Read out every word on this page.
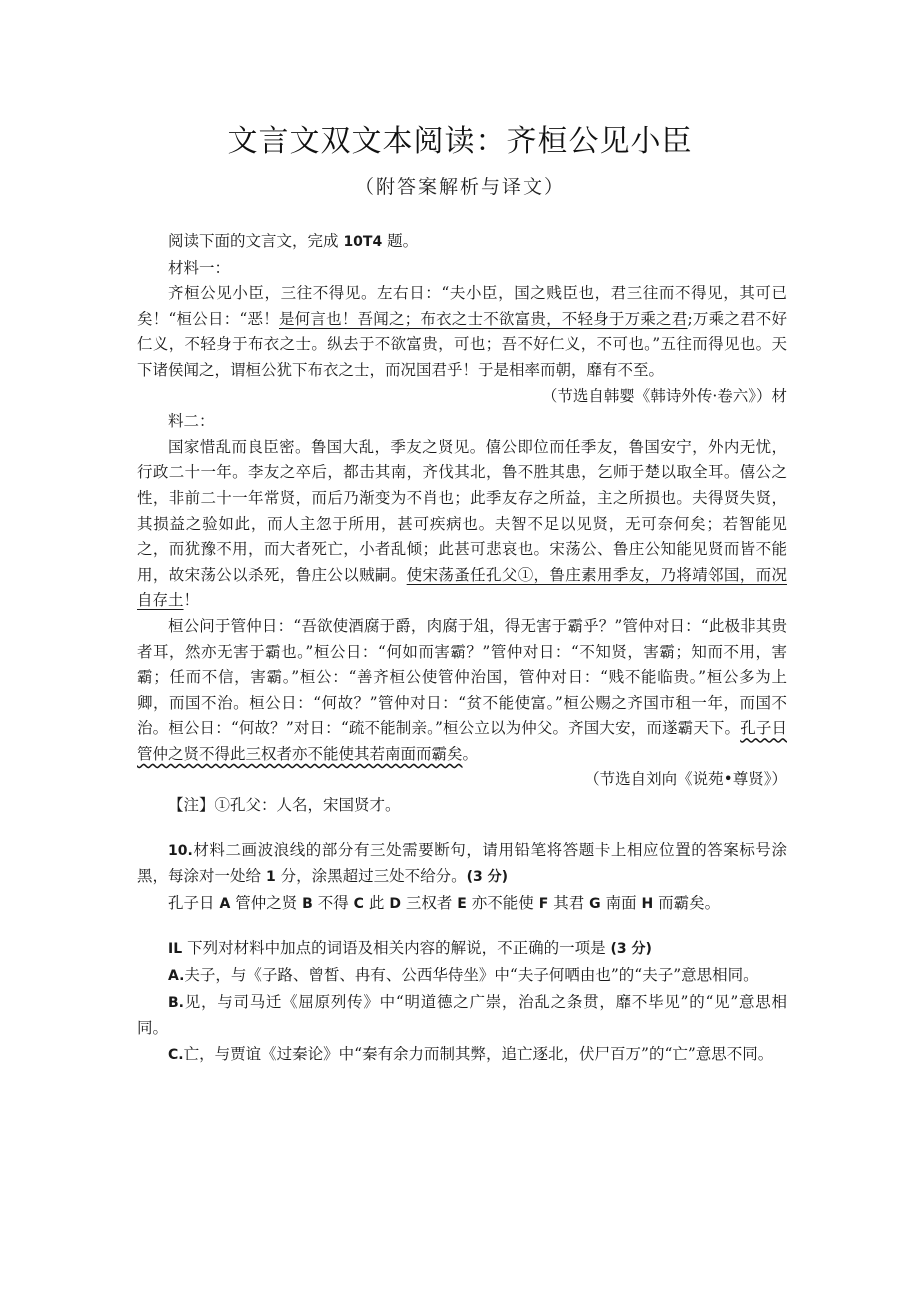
文言文双文本阅读：齐桓公见小臣
（附答案解析与译文）

阅读下面的文言文，完成 10T4 题。

材料一：

齐桓公见小臣，三往不得见。左右日：“夫小臣，国之贱臣也，君三往而不得见，其可已矣！“桓公日：“恶！是何言也！吾闻之；布衣之士不欲富贵，不轻身于万乘之君;万乘之君不好仁义，不轻身于布衣之士。纵去于不欲富贵，可也；吾不好仁义，不可也。”五往而得见也。天下诸侯闻之，谓桓公犹下布衣之士，而况国君乎！于是相率而朝，靡有不至。

（节选自韩婴《韩诗外传·卷六》）材

料二：

国家惜乱而良臣密。鲁国大乱，季友之贤见。僖公即位而任季友，鲁国安宁，外内无忧，行政二十一年。李友之卒后，都击其南，齐伐其北，鲁不胜其患，乞师于楚以取全耳。僖公之性，非前二十一年常贤，而后乃渐变为不肖也；此季友存之所益，主之所损也。夫得贤失贤，其损益之验如此，而人主忽于所用，甚可疾病也。夫智不足以见贤，无可奈何矣；若智能见之，而犹豫不用，而大者死亡，小者乱倾；此甚可悲哀也。宋荡公、鲁庄公知能见贤而皆不能用，故宋荡公以杀死，鲁庄公以贼嗣。使宋荡蚤任孔父①，鲁庄素用季友，乃将靖邻国，而况自存土！

桓公问于管仲日：“吾欲使酒腐于爵，肉腐于俎，得无害于霸乎？”管仲对日：“此极非其贵者耳，然亦无害于霸也。”桓公日：“何如而害霸？”管仲对日：“不知贤，害霸；知而不用，害霸；任而不信，害霸。”桓公：“善齐桓公使管仲治国，管仲对日：“贱不能临贵。”桓公多为上卿，而国不治。桓公日：“何故？”管仲对日：“贫不能使富。”桓公赐之齐国市租一年，而国不治。桓公日：“何故？”对日：“疏不能制亲。”桓公立以为仲父。齐国大安，而遂霸天下。孔子日管仲之贤不得此三权者亦不能使其若南面而霸矣。

（节选自刘向《说苑•尊贤》）

【注】①孔父：人名，宋国贤才。

10.材料二画波浪线的部分有三处需要断句，请用铅笔将答题卡上相应位置的答案标号涂黑，每涂对一处给 1 分，涂黑超过三处不给分。(3 分)

孔子日 A 管仲之贤 B 不得 C 此 D 三权者 E 亦不能使 F 其君 G 南面 H 而霸矣。

IL 下列对材料中加点的词语及相关内容的解说，不正确的一项是 (3 分)

A.夫子，与《子路、曾皙、冉有、公西华侍坐》中“夫子何哂由也”的“夫子”意思相同。

B.见，与司马迁《屈原列传》中“明道德之广崇，治乱之条贯，靡不毕见”的“见”意思相同。

C.亡，与贾谊《过秦论》中“秦有余力而制其弊，追亡逐北，伏尸百万”的“亡”意思不同。
